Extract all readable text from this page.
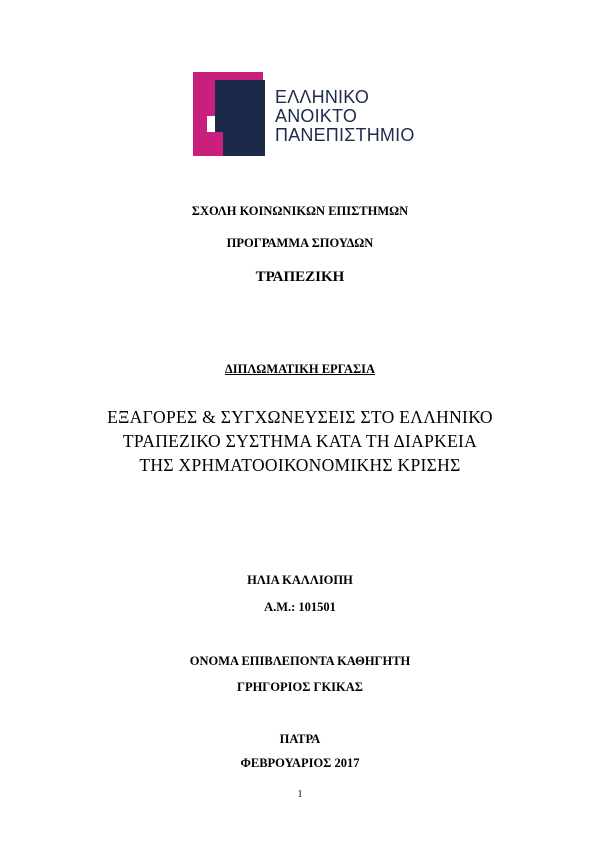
ΕΛΛΗΝΙΚΟ
ΑΝΟΙΚΤΟ
ΠΑΝΕΠΙΣΤΗΜΙΟ
ΣΧΟΛΗ ΚΟΙΝΩΝΙΚΩΝ ΕΠΙΣΤΗΜΩΝ
ΠΡΟΓΡΑΜΜΑ ΣΠΟΥΔΩΝ
ΤΡΑΠΕΖΙΚΗ
ΔΙΠΛΩΜΑΤΙΚΗ ΕΡΓΑΣΙΑ
ΕΞΑΓΟΡΕΣ & ΣΥΓΧΩΝΕΥΣΕΙΣ ΣΤΟ ΕΛΛΗΝΙΚΟ
ΤΡΑΠΕΖΙΚΟ ΣΥΣΤΗΜΑ ΚΑΤΑ ΤΗ ΔΙΑΡΚΕΙΑ
ΤΗΣ ΧΡΗΜΑΤΟΟΙΚΟΝΟΜΙΚΗΣ ΚΡΙΣΗΣ
ΗΛΙΑ ΚΑΛΛΙΟΠΗ
Α.Μ.: 101501
ΟΝΟΜΑ ΕΠΙΒΛΕΠΟΝΤΑ ΚΑΘΗΓΗΤΗ
ΓΡΗΓΟΡΙΟΣ ΓΚΙΚΑΣ
ΠΑΤΡΑ
ΦΕΒΡΟΥΑΡΙΟΣ 2017
1
